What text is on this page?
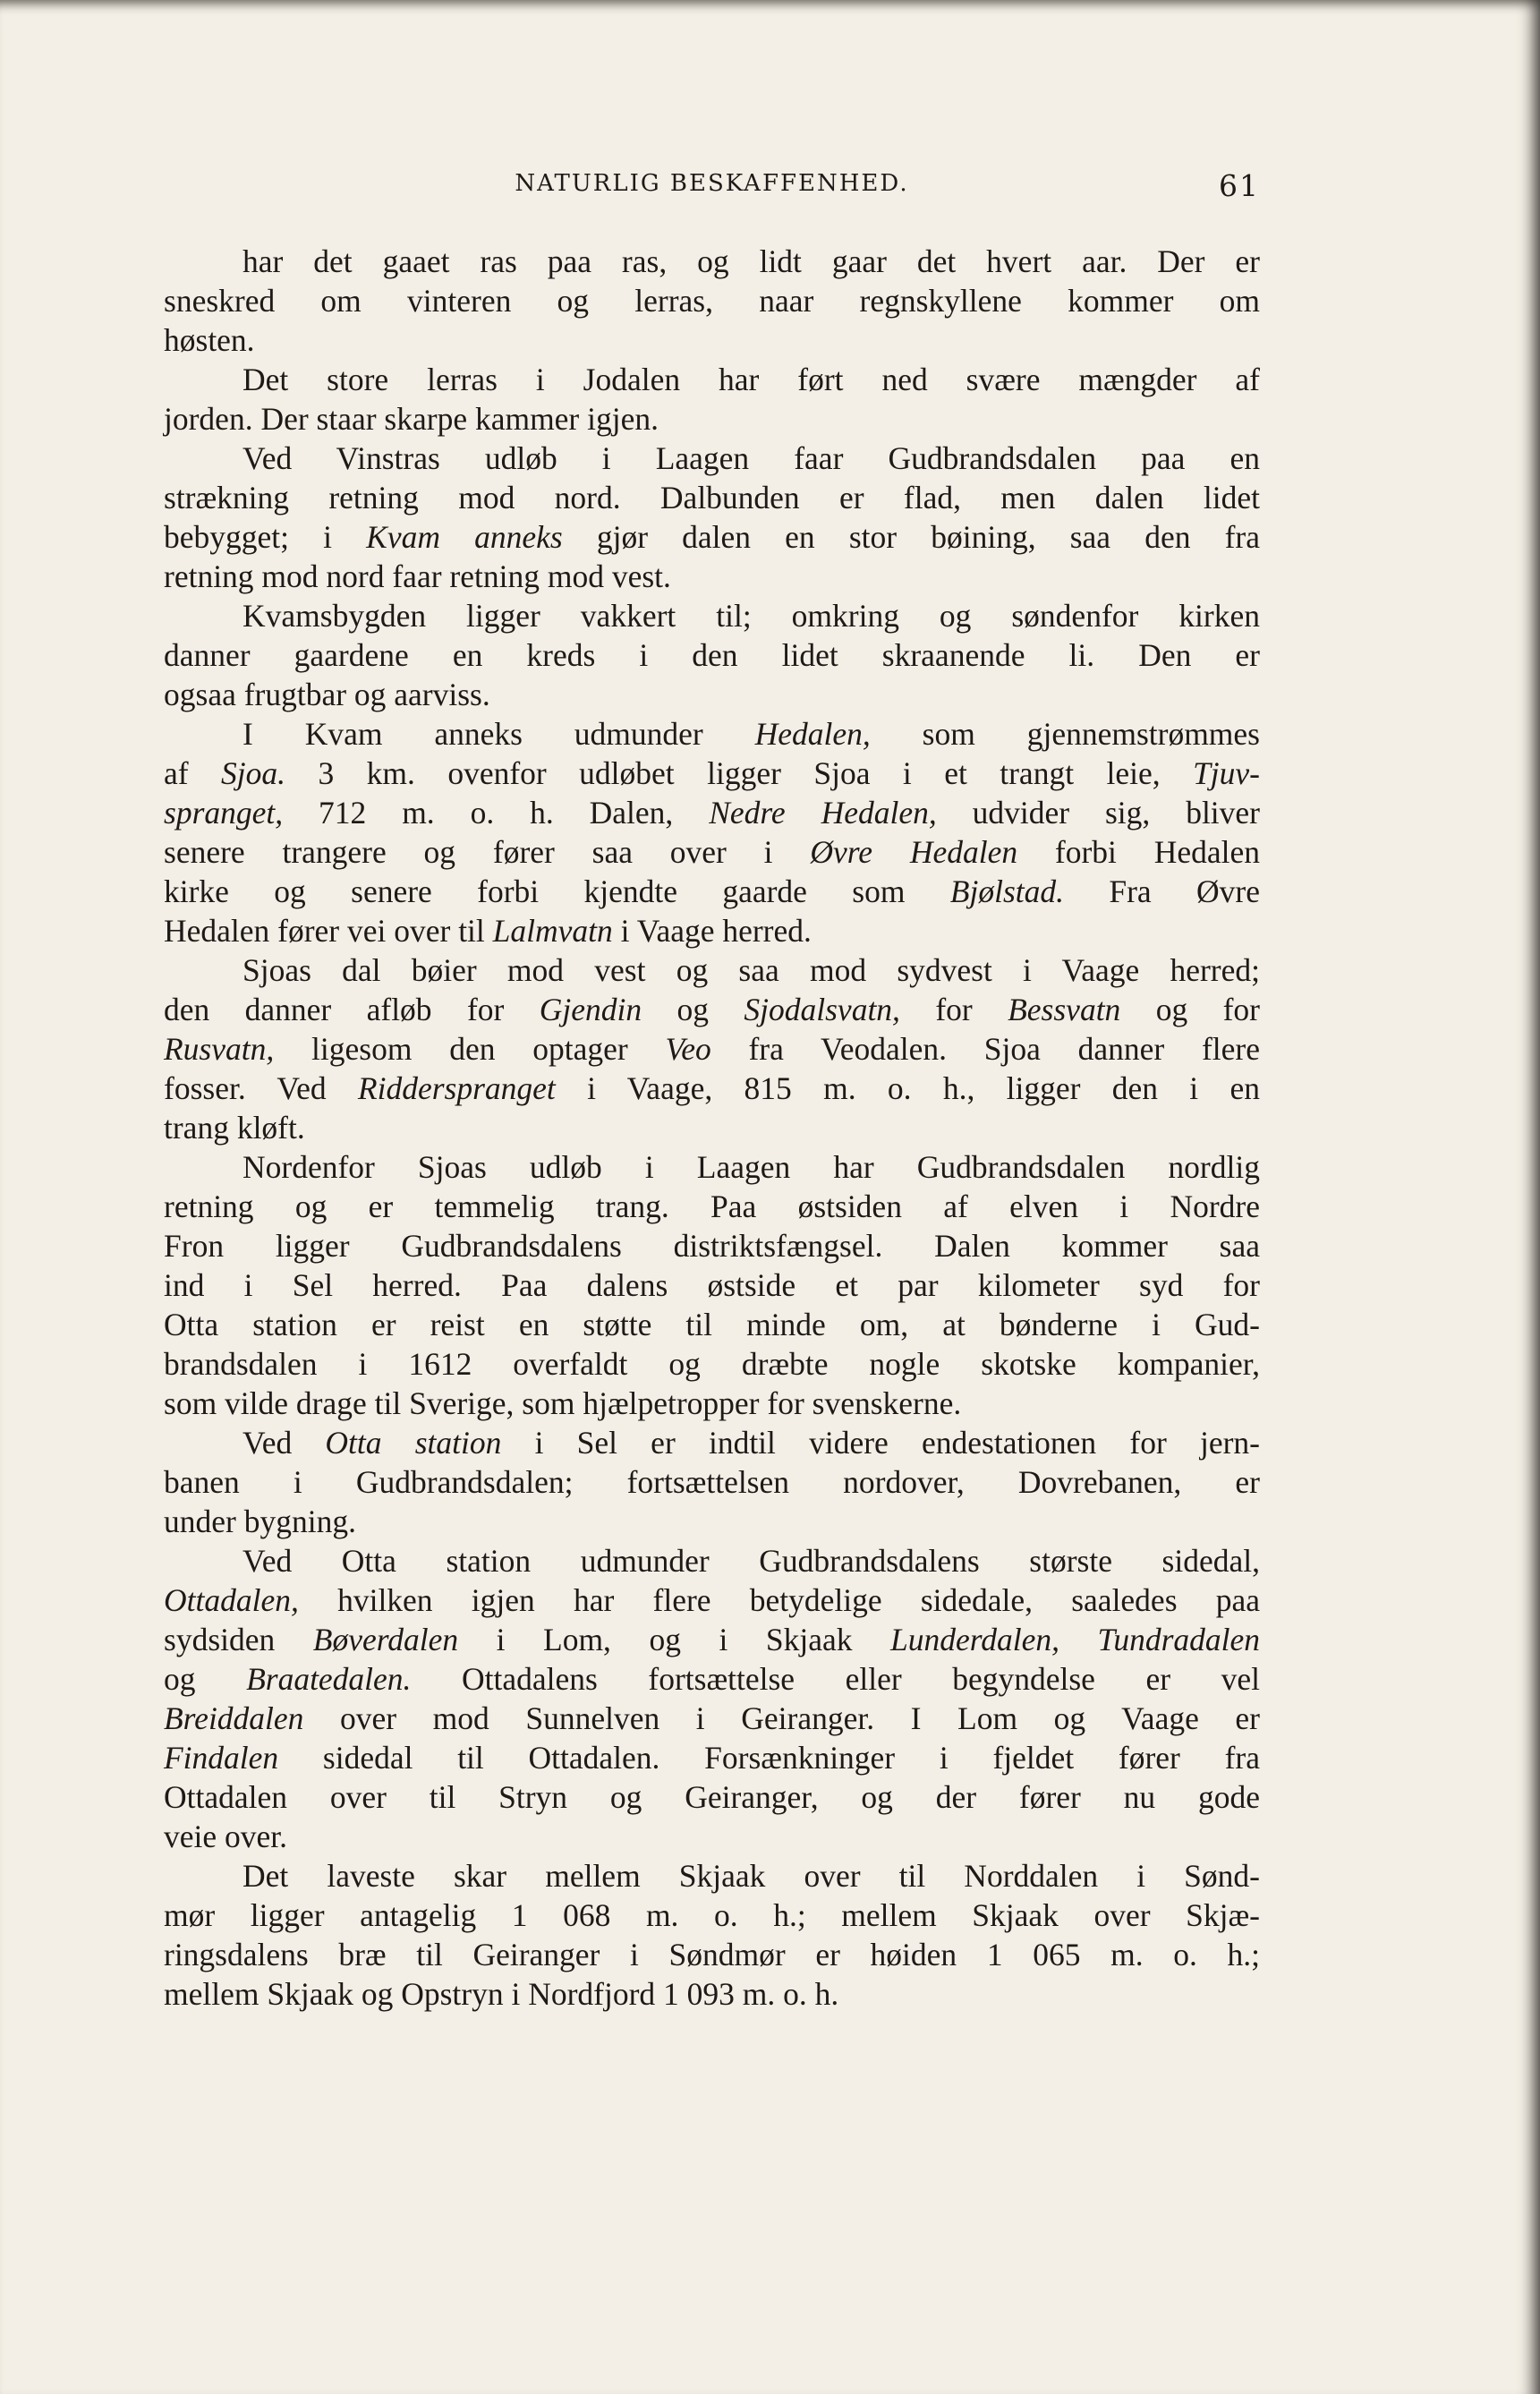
NATURLIG BESKAFFENHED.	61
har det gaaet ras paa ras, og lidt gaar det hvert aar. Der er
sneskred om vinteren og lerras, naar regnskyllene kommer om
høsten.
Det store lerras i Jodalen har ført ned svære mængder af
jorden. Der staar skarpe kammer igjen.
Ved Vinstras udløb i Laagen faar Gudbrandsdalen paa en
strækning retning mod nord. Dalbunden er flad, men dalen lidet
bebygget; i Kvam anneks gjør dalen en stor bøining, saa den fra
retning mod nord faar retning mod vest.
Kvamsbygden ligger vakkert til; omkring og søndenfor kirken
danner gaardene en kreds i den lidet skraanende li. Den er
ogsaa frugtbar og aarviss.
I Kvam anneks udmunder Hedalen, som gjennemstrømmes
af Sjoa. 3 km. ovenfor udløbet ligger Sjoa i et trangt leie, Tjuv-
spranget, 712 m. o. h. Dalen, Nedre Hedalen, udvider sig, bliver
senere trangere og fører saa over i Øvre Hedalen forbi Hedalen
kirke og senere forbi kjendte gaarde som Bjølstad. Fra Øvre
Hedalen fører vei over til Lalmvatn i Vaage herred.
Sjoas dal bøier mod vest og saa mod sydvest i Vaage herred;
den danner afløb for Gjendin og Sjodalsvatn, for Bessvatn og for
Rusvatn, ligesom den optager Veo fra Veodalen. Sjoa danner flere
fosser. Ved Ridderspranget i Vaage, 815 m. o. h., ligger den i en
trang kløft.
Nordenfor Sjoas udløb i Laagen har Gudbrandsdalen nordlig
retning og er temmelig trang. Paa østsiden af elven i Nordre
Fron ligger Gudbrandsdalens distriktsfængsel. Dalen kommer saa
ind i Sel herred. Paa dalens østside et par kilometer syd for
Otta station er reist en støtte til minde om, at bønderne i Gud-
brandsdalen i 1612 overfaldt og dræbte nogle skotske kompanier,
som vilde drage til Sverige, som hjælpetropper for svenskerne.
Ved Otta station i Sel er indtil videre endestationen for jern-
banen i Gudbrandsdalen; fortsættelsen nordover, Dovrebanen, er
under bygning.
Ved Otta station udmunder Gudbrandsdalens største sidedal,
Ottadalen, hvilken igjen har flere betydelige sidedale, saaledes paa
sydsiden Bøverdalen i Lom, og i Skjaak Lunderdalen, Tundradalen
og Braatedalen. Ottadalens fortsættelse eller begyndelse er vel
Breiddalen over mod Sunnelven i Geiranger. I Lom og Vaage er
Findalen sidedal til Ottadalen. Forsænkninger i fjeldet fører fra
Ottadalen over til Stryn og Geiranger, og der fører nu gode
veie over.
Det laveste skar mellem Skjaak over til Norddalen i Sønd-
mør ligger antagelig 1 068 m. o. h.; mellem Skjaak over Skjæ-
ringsdalens bræ til Geiranger i Søndmør er høiden 1 065 m. o. h.;
mellem Skjaak og Opstryn i Nordfjord 1 093 m. o. h.
